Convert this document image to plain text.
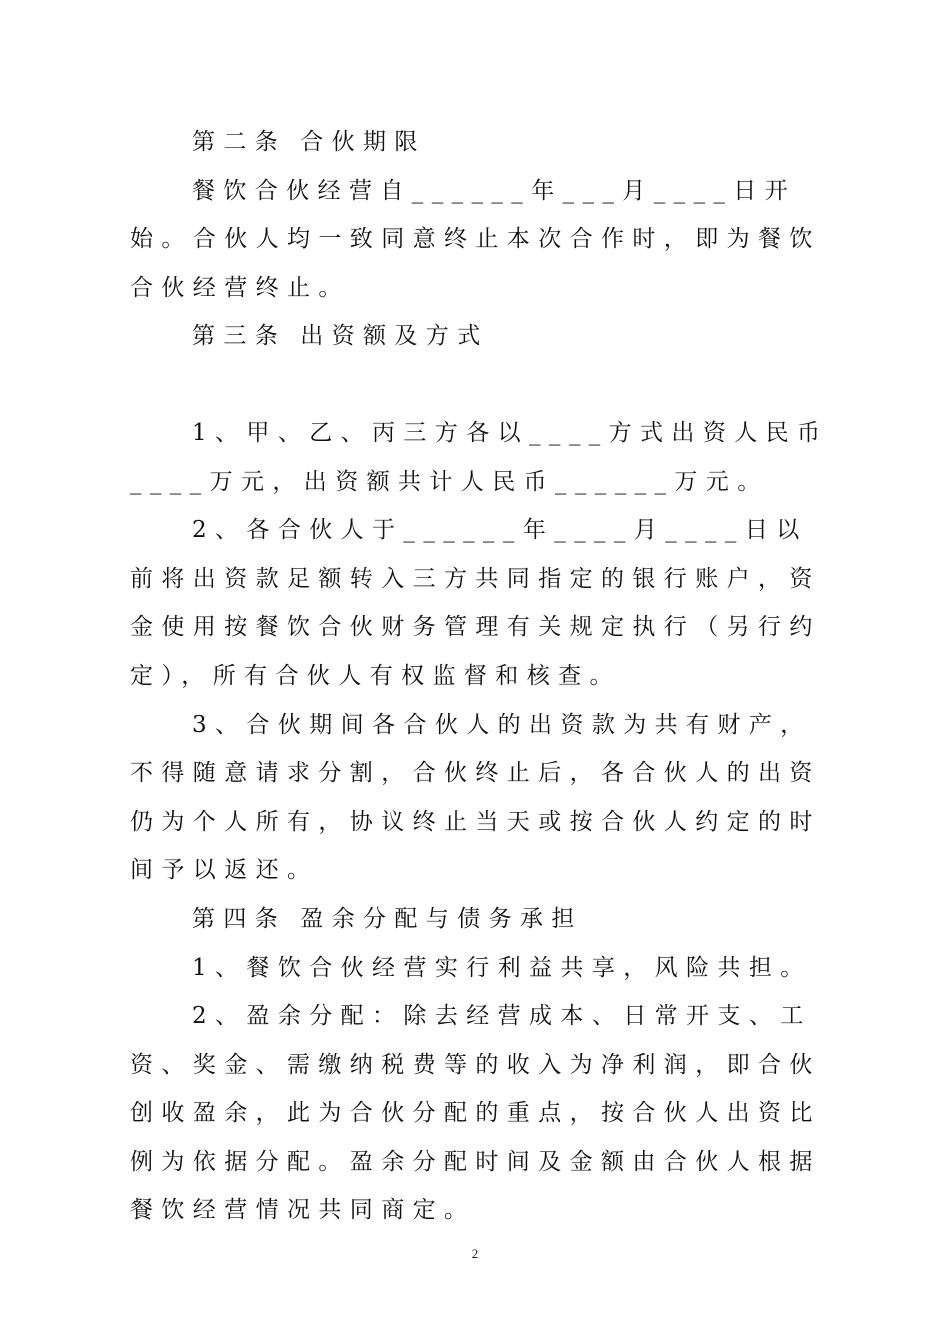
第二条 合伙期限

餐饮合伙经营自______年___月____日开始。合伙人均一致同意终止本次合作时，即为餐饮合伙经营终止。

第三条 出资额及方式

1、甲、乙、丙三方各以____方式出资人民币____万元，出资额共计人民币______万元。

2、各合伙人于______年____月____日以前将出资款足额转入三方共同指定的银行账户，资金使用按餐饮合伙财务管理有关规定执行（另行约定），所有合伙人有权监督和核查。

3、合伙期间各合伙人的出资款为共有财产，不得随意请求分割，合伙终止后，各合伙人的出资仍为个人所有，协议终止当天或按合伙人约定的时间予以返还。

第四条 盈余分配与债务承担

1、餐饮合伙经营实行利益共享，风险共担。

2、盈余分配：除去经营成本、日常开支、工资、奖金、需缴纳税费等的收入为净利润，即合伙创收盈余，此为合伙分配的重点，按合伙人出资比例为依据分配。盈余分配时间及金额由合伙人根据餐饮经营情况共同商定。

2
